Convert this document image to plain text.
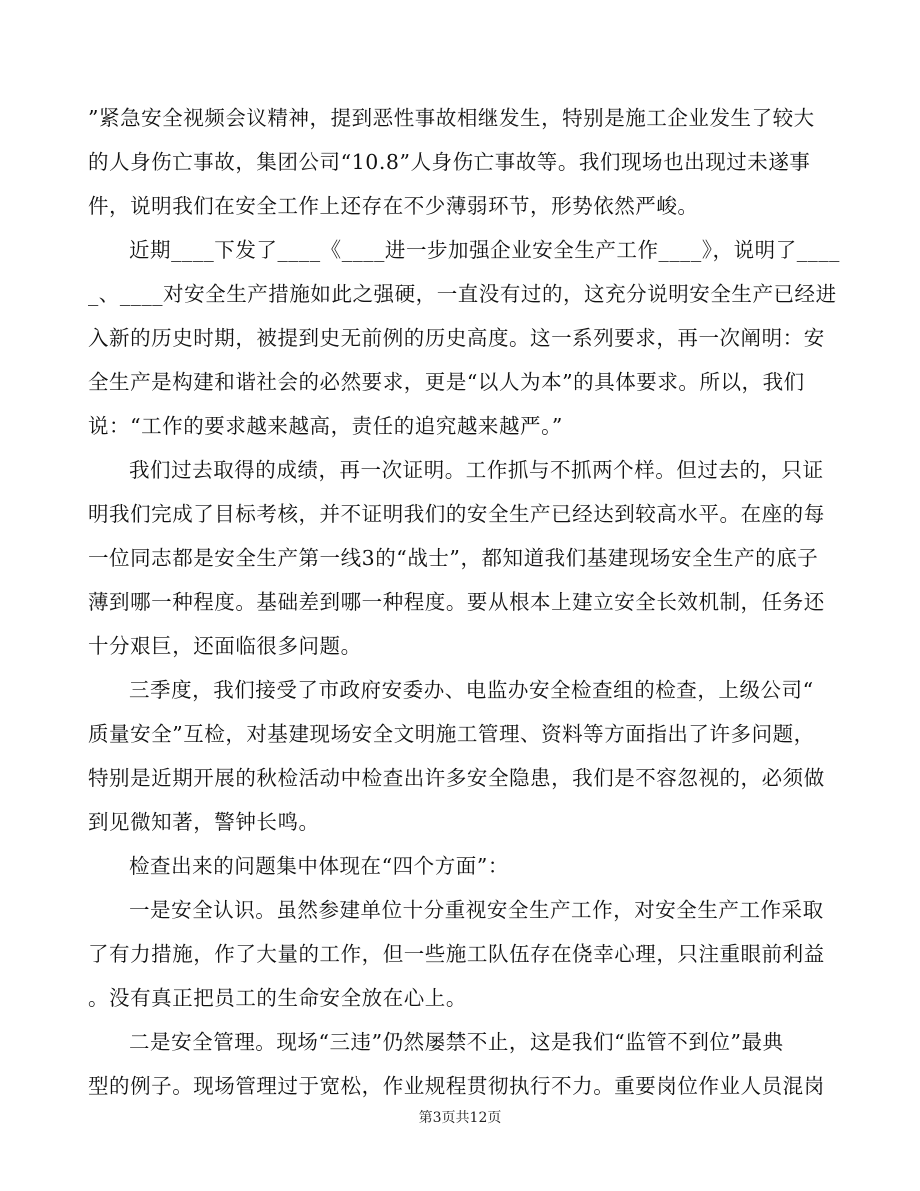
”紧急安全视频会议精神，提到恶性事故相继发生，特别是施工企业发生了较大
的人身伤亡事故，集团公司“10.8”人身伤亡事故等。我们现场也出现过未遂事
件，说明我们在安全工作上还存在不少薄弱环节，形势依然严峻。
近期____下发了____《____进一步加强企业安全生产工作____》，说明了____
_、____对安全生产措施如此之强硬，一直没有过的，这充分说明安全生产已经进
入新的历史时期，被提到史无前例的历史高度。这一系列要求，再一次阐明：安
全生产是构建和谐社会的必然要求，更是“以人为本”的具体要求。所以，我们
说：“工作的要求越来越高，责任的追究越来越严。”
我们过去取得的成绩，再一次证明。工作抓与不抓两个样。但过去的，只证
明我们完成了目标考核，并不证明我们的安全生产已经达到较高水平。在座的每
一位同志都是安全生产第一线3的“战士”，都知道我们基建现场安全生产的底子
薄到哪一种程度。基础差到哪一种程度。要从根本上建立安全长效机制，任务还
十分艰巨，还面临很多问题。
三季度，我们接受了市政府安委办、电监办安全检查组的检查，上级公司“
质量安全”互检，对基建现场安全文明施工管理、资料等方面指出了许多问题，
特别是近期开展的秋检活动中检查出许多安全隐患，我们是不容忽视的，必须做
到见微知著，警钟长鸣。
检查出来的问题集中体现在“四个方面”：
一是安全认识。虽然参建单位十分重视安全生产工作，对安全生产工作采取
了有力措施，作了大量的工作，但一些施工队伍存在侥幸心理，只注重眼前利益
。没有真正把员工的生命安全放在心上。
二是安全管理。现场“三违”仍然屡禁不止，这是我们“监管不到位”最典
型的例子。现场管理过于宽松，作业规程贯彻执行不力。重要岗位作业人员混岗
第3页共12页
